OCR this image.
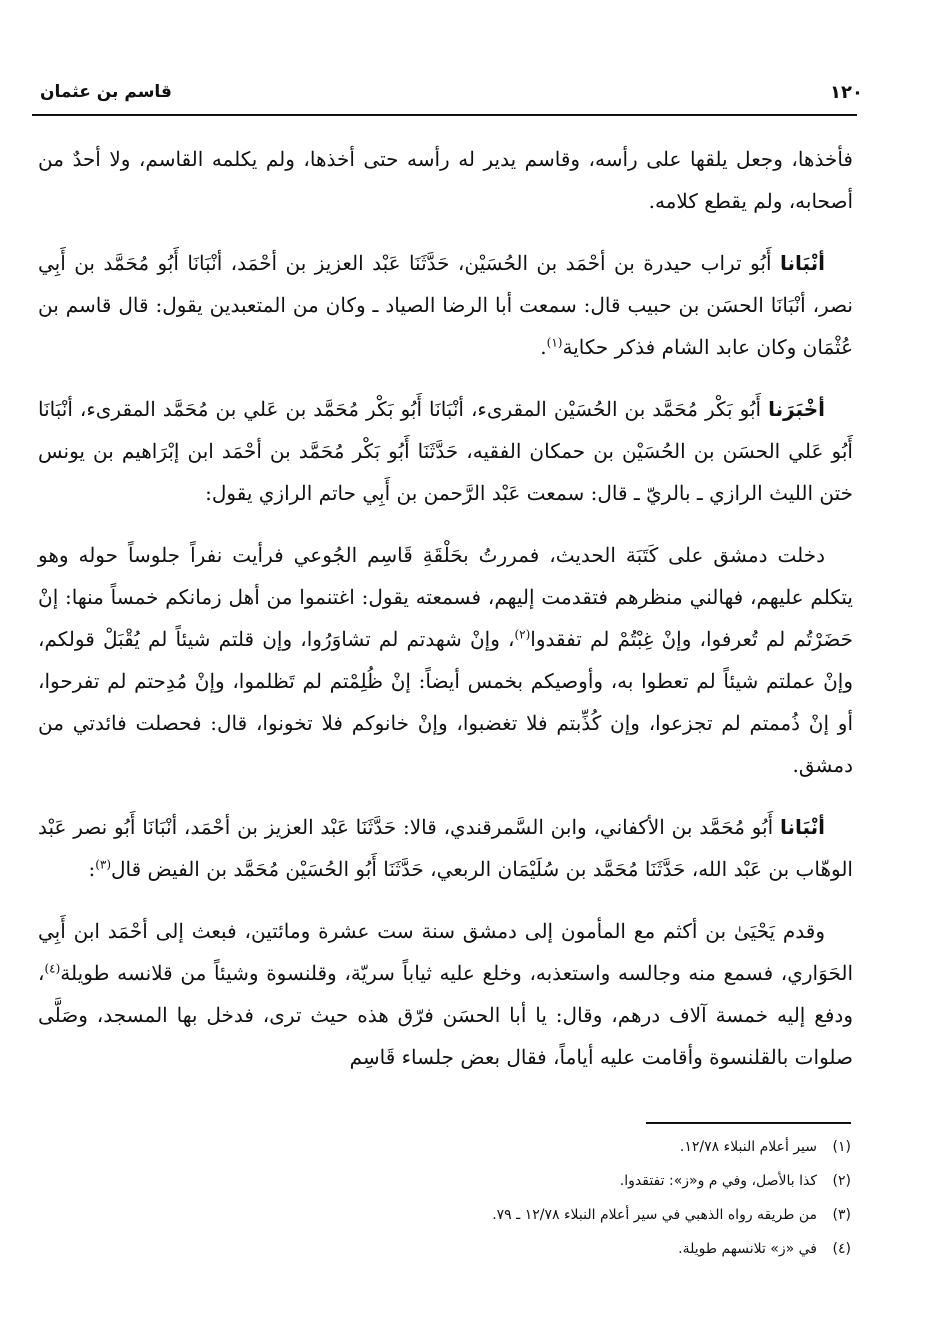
١٢٠
قاسم بن عثمان

فأخذها، وجعل يلقها على رأسه، وقاسم يدير له رأسه حتى أخذها، ولم يكلمه القاسم، ولا أحدٌ من أصحابه، ولم يقطع كلامه.

أنْبَانا أَبُو تراب حيدرة بن أحْمَد بن الحُسَيْن، حَدَّثَنَا عَبْد العزيز بن أحْمَد، أنْبَانَا أَبُو مُحَمَّد بن أَبِي نصر، أنْبَانَا الحسَن بن حبيب قال: سمعت أبا الرضا الصياد ـ وكان من المتعبدين يقول: قال قاسم بن عُثْمَان وكان عابد الشام فذكر حكاية$^{(١)}$.

أخْبَرَنا أَبُو بَكْر مُحَمَّد بن الحُسَيْن المقرىء، أنْبَانَا أَبُو بَكْر مُحَمَّد بن عَلي بن مُحَمَّد المقرىء، أنْبَانَا أَبُو عَلي الحسَن بن الحُسَيْن بن حمكان الفقيه، حَدَّثَنَا أَبُو بَكْر مُحَمَّد بن أحْمَد ابن إبْرَاهيم بن يونس ختن الليث الرازي ـ بالريّ ـ قال: سمعت عَبْد الرَّحمن بن أَبِي حاتم الرازي يقول:

دخلت دمشق على كَتَبَة الحديث، فمررتُ بحَلْقَةِ قَاسِم الجُوعي فرأيت نفراً جلوساً حوله وهو يتكلم عليهم، فهالني منظرهم فتقدمت إليهم، فسمعته يقول: اغتنموا من أهل زمانكم خمساً منها: إنْ حَضَرْتُم لم تُعرفوا، وإنْ غِبْتُمْ لم تفقدوا$^{(٢)}$، وإنْ شهدتم لم تشاوَرُوا، وإن قلتم شيئاً لم يُقْبَلْ قولكم، وإنْ عملتم شيئاً لم تعطوا به، وأوصيكم بخمس أيضاً: إنْ ظُلِمْتم لم تَظلموا، وإنْ مُدِحتم لم تفرحوا، أو إنْ ذُممتم لم تجزعوا، وإن كُذِّبتم فلا تغضبوا، وإنْ خانوكم فلا تخونوا، قال: فحصلت فائدتي من دمشق.

أنْبَانا أَبُو مُحَمَّد بن الأكفاني، وابن السَّمرقندي، قالا: حَدَّثَنَا عَبْد العزيز بن أحْمَد، أنْبَانَا أَبُو نصر عَبْد الوهّاب بن عَبْد الله، حَدَّثَنَا مُحَمَّد بن سُلَيْمَان الربعي، حَدَّثَنَا أَبُو الحُسَيْن مُحَمَّد بن الفيض قال$^{(٣)}$:

وقدم يَحْيَىٰ بن أكثم مع المأمون إلى دمشق سنة ست عشرة ومائتين، فبعث إلى أحْمَد ابن أَبِي الحَوَاري، فسمع منه وجالسه واستعذبه، وخلع عليه ثياباً سريّة، وقلنسوة وشيئاً من قلانسه طويلة$^{(٤)}$، ودفع إليه خمسة آلاف درهم، وقال: يا أبا الحسَن فرّق هذه حيث ترى، فدخل بها المسجد، وصَلَّى صلوات بالقلنسوة وأقامت عليه أياماً، فقال بعض جلساء قَاسِم

(١)
سير أعلام النبلاء ١٢/٧٨.
(٢)
كذا بالأصل، وفي م و«ز»: تفتقدوا.
(٣)
من طريقه رواه الذهبي في سير أعلام النبلاء ١٢/٧٨ ـ ٧٩.
(٤)
في «ز» تلانسهم طويلة.
